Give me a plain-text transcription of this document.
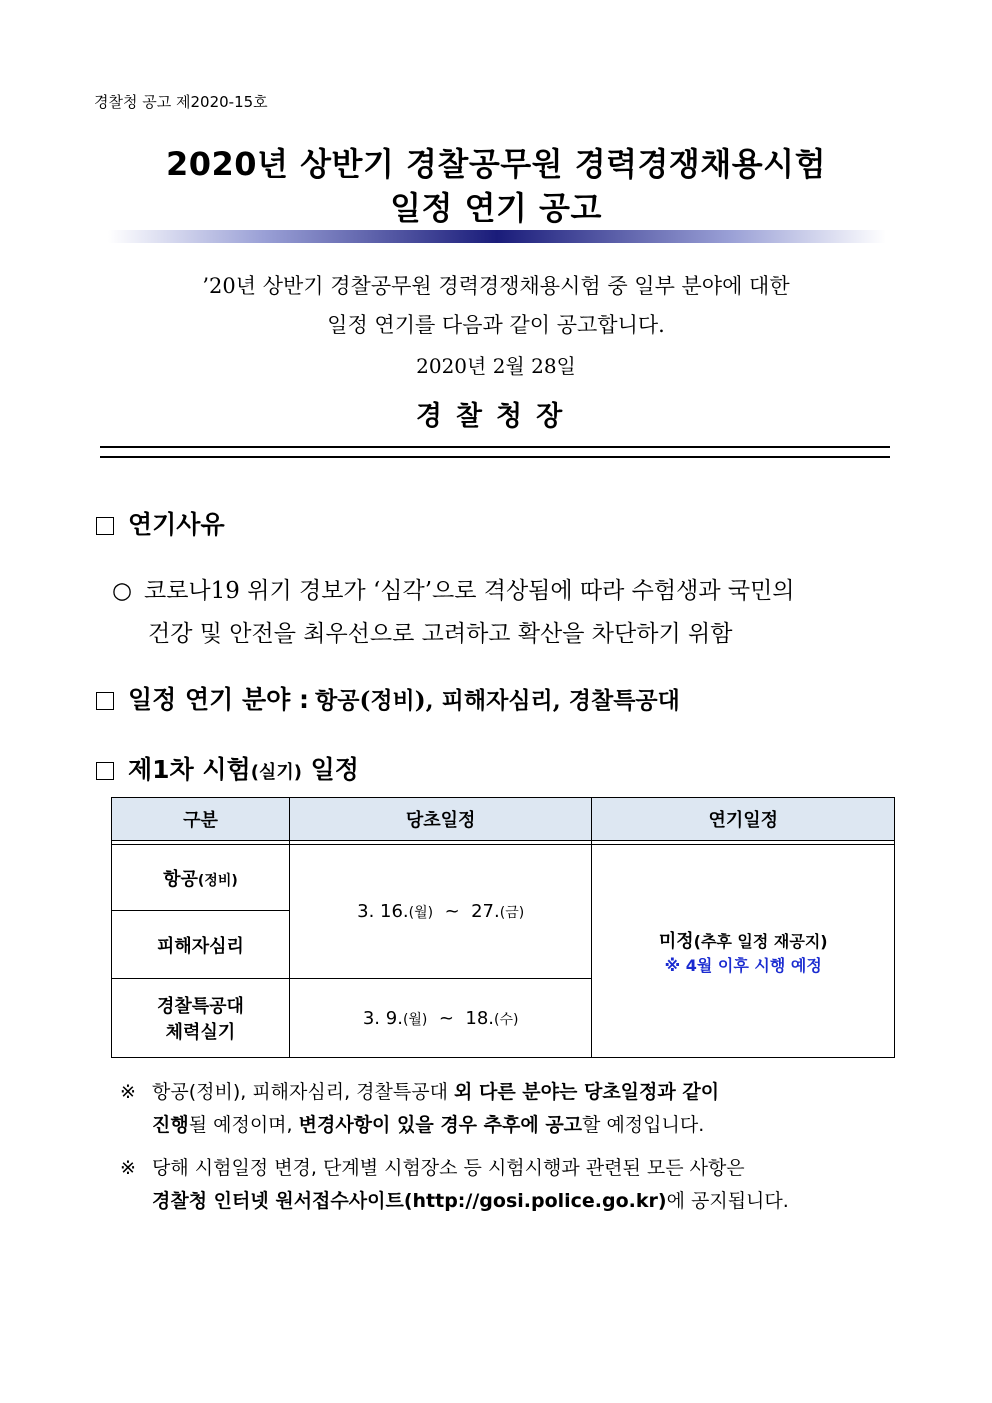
경찰청 공고 제2020-15호
2020년 상반기 경찰공무원 경력경쟁채용시험
일정 연기 공고
’20년 상반기 경찰공무원 경력경쟁채용시험 중 일부 분야에 대한
일정 연기를 다음과 같이 공고합니다.
2020년 2월 28일
경찰청장
연기사유
○ 코로나19 위기 경보가 ‘심각’으로 격상됨에 따라 수험생과 국민의
건강 및 안전을 최우선으로 고려하고 확산을 차단하기 위함
일정 연기 분야 : 항공(정비), 피해자심리, 경찰특공대
제1차 시험(실기) 일정
구분	당초일정	연기일정

항공(정비)	3. 16.(월) ~ 27.(금)	미정(추후 일정 재공지)
※ 4월 이후 시행 예정

피해자심리		

경찰특공대
체력실기	3. 9.(월) ~ 18.(수)	
※ 항공(정비), 피해자심리, 경찰특공대 외 다른 분야는 당초일정과 같이
진행될 예정이며, 변경사항이 있을 경우 추후에 공고할 예정입니다.
※ 당해 시험일정 변경, 단계별 시험장소 등 시험시행과 관련된 모든 사항은
경찰청 인터넷 원서접수사이트(http://gosi.police.go.kr)에 공지됩니다.
